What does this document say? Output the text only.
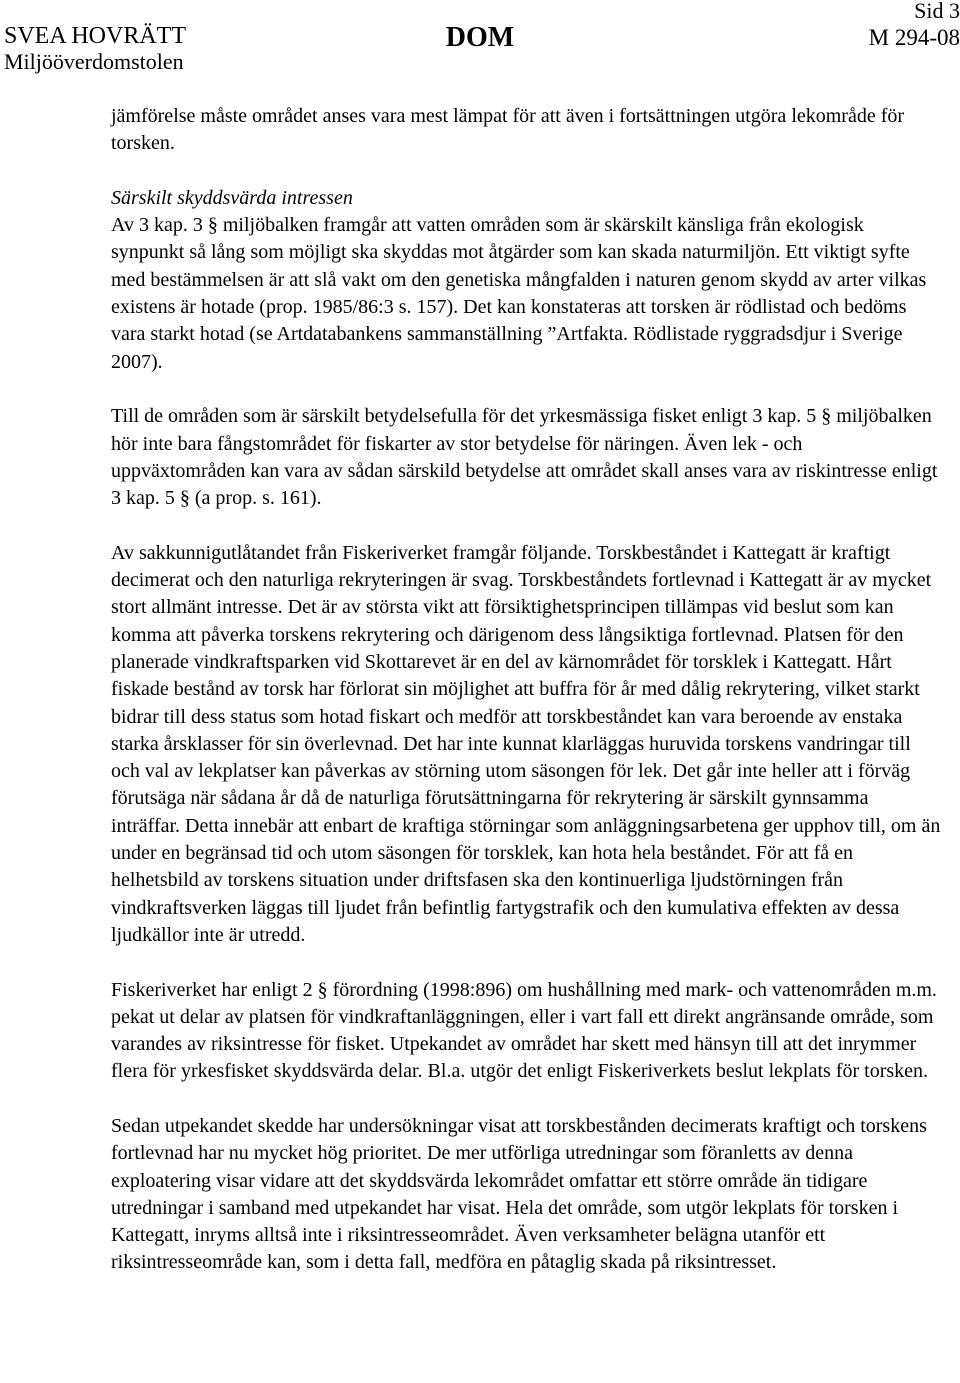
SVEA HOVRÄTT
Miljööverdomstolen
DOM
Sid 3
M 294-08

jämförelse måste området anses vara mest lämpat för att även i fortsättningen utgöra lekområde för torsken.

Särskilt skyddsvärda intressen

Av 3 kap. 3 § miljöbalken framgår att vatten områden som är skärskilt känsliga från ekologisk synpunkt så lång som möjligt ska skyddas mot åtgärder som kan skada naturmiljön. Ett viktigt syfte med bestämmelsen är att slå vakt om den genetiska mångfalden i naturen genom skydd av arter vilkas existens är hotade (prop. 1985/86:3 s. 157). Det kan konstateras att torsken är rödlistad och bedöms vara starkt hotad (se Artdatabankens sammanställning ”Artfakta. Rödlistade ryggradsdjur i Sverige 2007).

Till de områden som är särskilt betydelsefulla för det yrkesmässiga fisket enligt 3 kap. 5 § miljöbalken hör inte bara fångstområdet för fiskarter av stor betydelse för näringen. Även lek - och uppväxtområden kan vara av sådan särskild betydelse att området skall anses vara av riskintresse enligt 3 kap. 5 § (a prop. s. 161).

Av sakkunnigutlåtandet från Fiskeriverket framgår följande. Torskbeståndet i Kattegatt är kraftigt decimerat och den naturliga rekryteringen är svag. Torskbeståndets fortlevnad i Kattegatt är av mycket stort allmänt intresse. Det är av största vikt att försiktighetsprincipen tillämpas vid beslut som kan komma att påverka torskens rekrytering och därigenom dess långsiktiga fortlevnad. Platsen för den planerade vindkraftsparken vid Skottarevet är en del av kärnområdet för torsklek i Kattegatt. Hårt fiskade bestånd av torsk har förlorat sin möjlighet att buffra för år med dålig rekrytering, vilket starkt bidrar till dess status som hotad fiskart och medför att torskbeståndet kan vara beroende av enstaka starka årsklasser för sin överlevnad. Det har inte kunnat klarläggas huruvida torskens vandringar till och val av lekplatser kan påverkas av störning utom säsongen för lek. Det går inte heller att i förväg förutsäga när sådana år då de naturliga förutsättningarna för rekrytering är särskilt gynnsamma inträffar. Detta innebär att enbart de kraftiga störningar som anläggningsarbetena ger upphov till, om än under en begränsad tid och utom säsongen för torsklek, kan hota hela beståndet. För att få en helhetsbild av torskens situation under driftsfasen ska den kontinuerliga ljudstörningen från vindkraftsverken läggas till ljudet från befintlig fartygstrafik och den kumulativa effekten av dessa ljudkällor inte är utredd.

Fiskeriverket har enligt 2 § förordning (1998:896) om hushållning med mark- och vattenområden m.m. pekat ut delar av platsen för vindkraftanläggningen, eller i vart fall ett direkt angränsande område, som varandes av riksintresse för fisket. Utpekandet av området har skett med hänsyn till att det inrymmer flera för yrkesfisket skyddsvärda delar. Bl.a. utgör det enligt Fiskeriverkets beslut lekplats för torsken.

Sedan utpekandet skedde har undersökningar visat att torskbestånden decimerats kraftigt och torskens fortlevnad har nu mycket hög prioritet. De mer utförliga utredningar som föranletts av denna exploatering visar vidare att det skyddsvärda lekområdet omfattar ett större område än tidigare utredningar i samband med utpekandet har visat. Hela det område, som utgör lekplats för torsken i Kattegatt, inryms alltså inte i riksintresseområdet. Även verksamheter belägna utanför ett riksintresseområde kan, som i detta fall, medföra en påtaglig skada på riksintresset.
